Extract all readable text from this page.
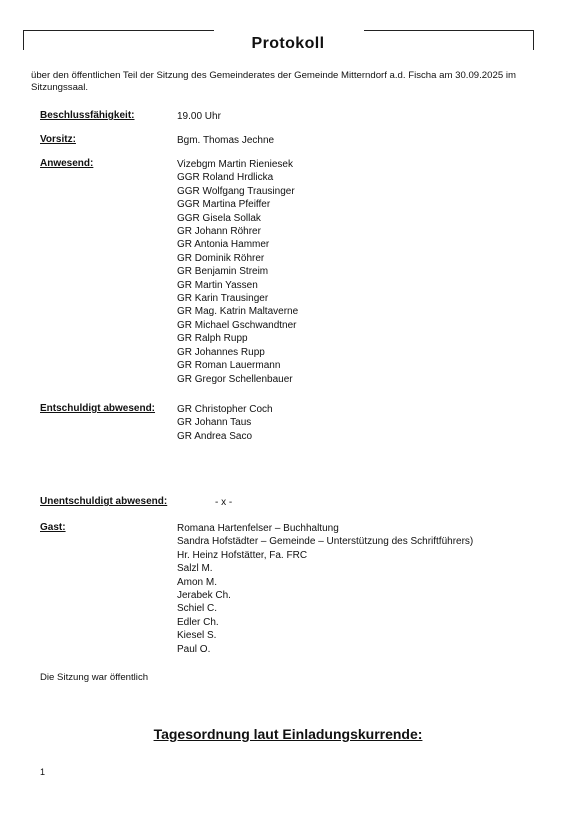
Protokoll
über den öffentlichen Teil der Sitzung des Gemeinderates der Gemeinde Mitterndorf a.d. Fischa am 30.09.2025 im Sitzungssaal.
Beschlussfähigkeit:	19.00 Uhr
Vorsitz:	Bgm. Thomas Jechne
Anwesend:	Vizebgm Martin Rieniesek
GGR Roland Hrdlicka
GGR Wolfgang Trausinger
GGR Martina Pfeiffer
GGR Gisela Sollak
GR Johann Röhrer
GR Antonia Hammer
GR Dominik Röhrer
GR Benjamin Streim
GR Martin Yassen
GR Karin Trausinger
GR Mag. Katrin Maltaverne
GR Michael Gschwandtner
GR Ralph Rupp
GR Johannes Rupp
GR Roman Lauermann
GR Gregor Schellenbauer
Entschuldigt abwesend: GR Christopher Coch
GR Johann Taus
GR Andrea Saco
Unentschuldigt abwesend:	- x -
Gast:	Romana Hartenfelser – Buchhaltung
Sandra Hofstädter – Gemeinde – Unterstützung des Schriftführers)
Hr. Heinz Hofstätter, Fa. FRC
Salzl M.
Amon M.
Jerabek Ch.
Schiel C.
Edler Ch.
Kiesel S.
Paul O.
Die Sitzung war öffentlich
Tagesordnung laut Einladungskurrende:
1
